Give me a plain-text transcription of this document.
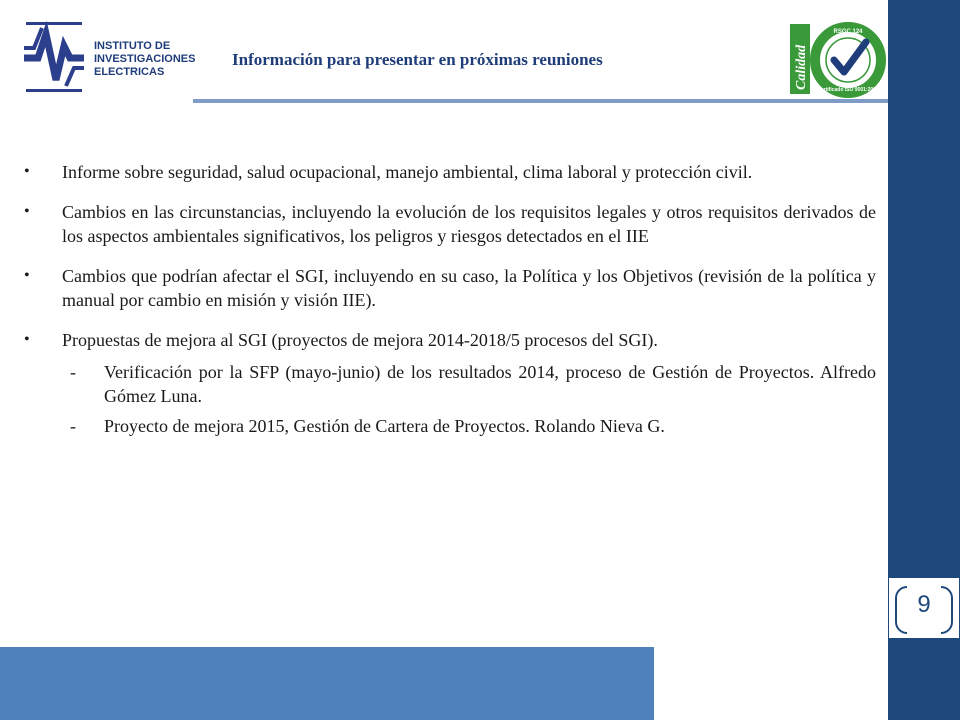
9
INSTITUTO DE
INVESTIGACIONES
ELECTRICAS
Información para presentar en próximas reuniones	Calidad
RSGC 124
Certificado ISO 9001:2008
• Informe sobre seguridad, salud ocupacional, manejo ambiental, clima laboral y protección civil.
• Cambios en las circunstancias, incluyendo la evolución de los requisitos legales y otros requisitos derivados de los aspectos ambientales significativos, los peligros y riesgos detectados en el IIE
• Cambios que podrían afectar el SGI, incluyendo en su caso, la Política y los Objetivos (revisión de la política y manual por cambio en misión y visión IIE).
• Propuestas de mejora al SGI (proyectos de mejora 2014-2018/5 procesos del SGI).
- Verificación por la SFP (mayo-junio) de los resultados 2014, proceso de Gestión de Proyectos. Alfredo Gómez Luna.
- Proyecto de mejora 2015, Gestión de Cartera de Proyectos. Rolando Nieva G.
